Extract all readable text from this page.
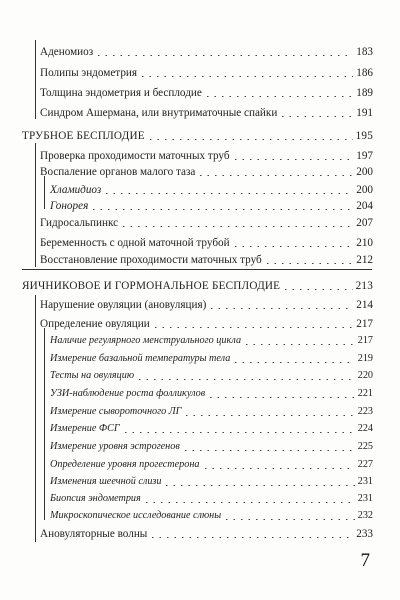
Аденомиоз	183
Полипы эндометрия	186
Толщина эндометрия и бесплодие	189
Синдром Ашермана, или внутриматочные спайки	191
ТРУБНОЕ БЕСПЛОДИЕ	195
Проверка проходимости маточных труб	197
Воспаление органов малого таза	200
Хламидиоз	200
Гонорея	204
Гидросальпинкс	207
Беременность с одной маточной трубой	210
Восстановление проходимости маточных труб	212
ЯИЧНИКОВОЕ И ГОРМОНАЛЬНОЕ БЕСПЛОДИЕ	213
Нарушение овуляции (ановуляция)	214
Определение овуляции	217
Наличие регулярного менструального цикла	217
Измерение базальной температуры тела	219
Тесты на овуляцию	220
УЗИ-наблюдение роста фолликулов	221
Измерение сывороточного ЛГ	223
Измерение ФСГ	224
Измерение уровня эстрогенов	225
Определение уровня прогестерона	227
Изменения шеечной слизи	231
Биопсия эндометрия	231
Микроскопическое исследование слюны	232
Ановуляторные волны	233
7
